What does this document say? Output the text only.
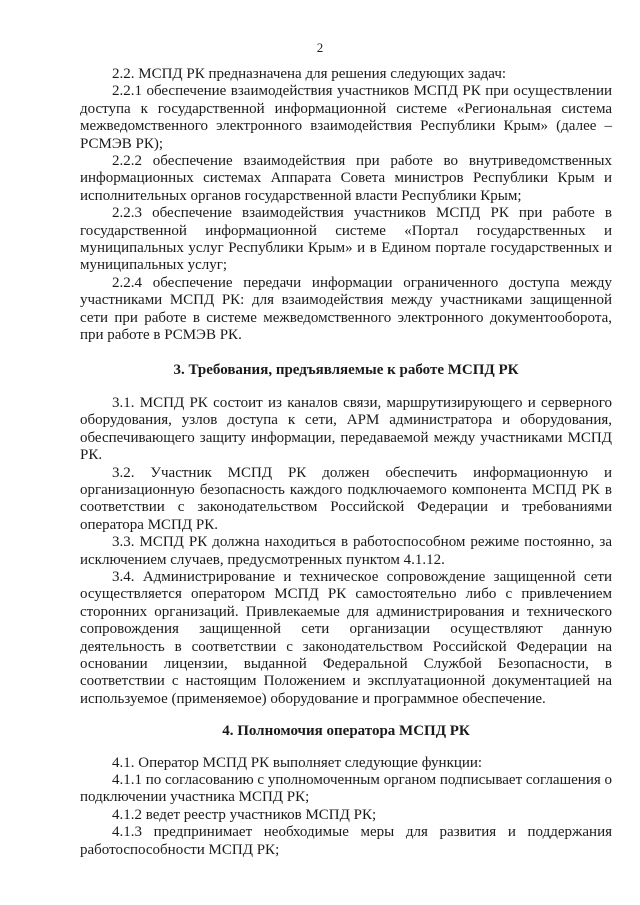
2

2.2. МСПД РК предназначена для решения следующих задач:

2.2.1 обеспечение взаимодействия участников МСПД РК при осуществлении доступа к государственной информационной системе «Региональная система межведомственного электронного взаимодействия Республики Крым» (далее – РСМЭВ РК);

2.2.2 обеспечение взаимодействия при работе во внутриведомственных информационных системах Аппарата Совета министров Республики Крым и исполнительных органов государственной власти Республики Крым;

2.2.3 обеспечение взаимодействия участников МСПД РК при работе в государственной информационной системе «Портал государственных и муниципальных услуг Республики Крым» и в Едином портале государственных и муниципальных услуг;

2.2.4 обеспечение передачи информации ограниченного доступа между участниками МСПД РК: для взаимодействия между участниками защищенной сети при работе в системе межведомственного электронного документооборота, при работе в РСМЭВ РК.

3. Требования, предъявляемые к работе МСПД РК

3.1. МСПД РК состоит из каналов связи, маршрутизирующего и серверного оборудования, узлов доступа к сети, АРМ администратора и оборудования, обеспечивающего защиту информации, передаваемой между участниками МСПД РК.

3.2. Участник МСПД РК должен обеспечить информационную и организационную безопасность каждого подключаемого компонента МСПД РК в соответствии с законодательством Российской Федерации и требованиями оператора МСПД РК.

3.3. МСПД РК должна находиться в работоспособном режиме постоянно, за исключением случаев, предусмотренных пунктом 4.1.12.

3.4. Администрирование и техническое сопровождение защищенной сети осуществляется оператором МСПД РК самостоятельно либо с привлечением сторонних организаций. Привлекаемые для администрирования и технического сопровождения защищенной сети организации осуществляют данную деятельность в соответствии с законодательством Российской Федерации на основании лицензии, выданной Федеральной Службой Безопасности, в соответствии с настоящим Положением и эксплуатационной документацией на используемое (применяемое) оборудование и программное обеспечение.

4. Полномочия оператора МСПД РК

4.1. Оператор МСПД РК выполняет следующие функции:

4.1.1 по согласованию с уполномоченным органом подписывает соглашения о подключении участника МСПД РК;

4.1.2 ведет реестр участников МСПД РК;

4.1.3 предпринимает необходимые меры для развития и поддержания работоспособности МСПД РК;
